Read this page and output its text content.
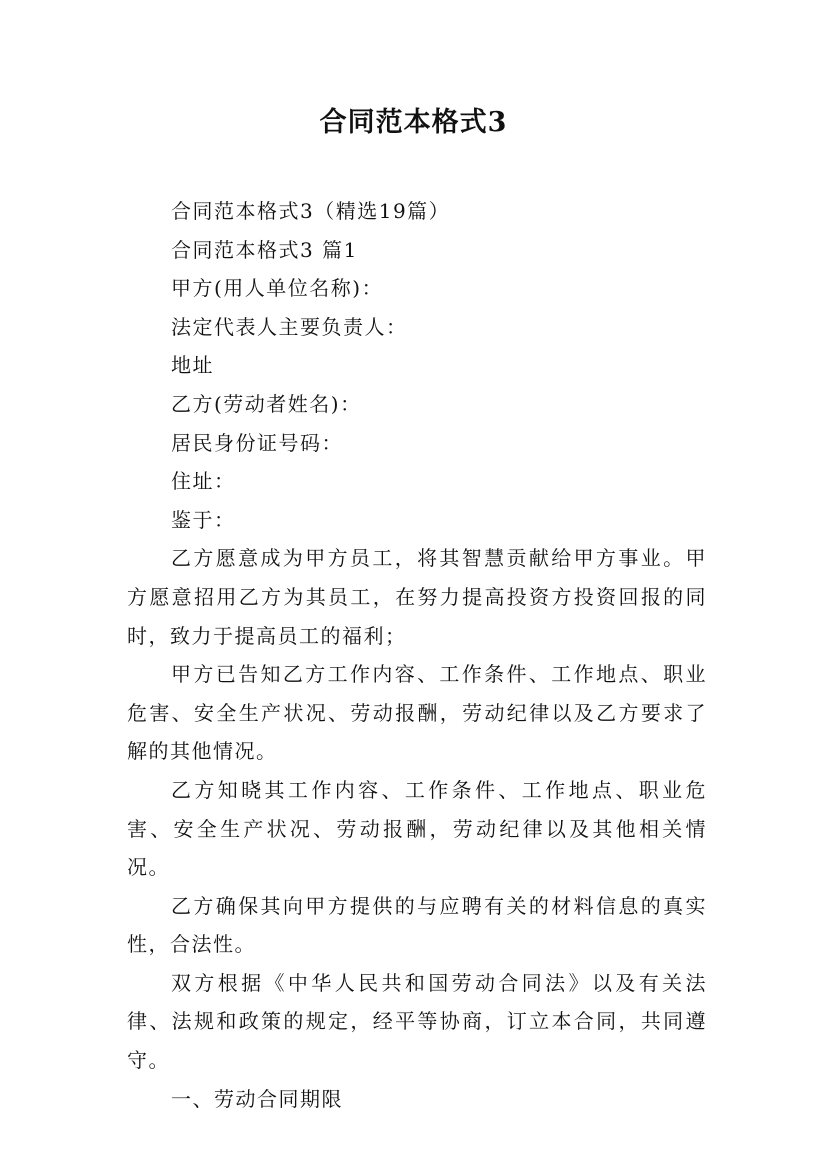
合同范本格式3
合同范本格式3（精选19篇）
合同范本格式3 篇1
甲方(用人单位名称)：
法定代表人主要负责人：
地址
乙方(劳动者姓名)：
居民身份证号码：
住址：
鉴于：

乙方愿意成为甲方员工，将其智慧贡献给甲方事业。甲方愿意招用乙方为其员工，在努力提高投资方投资回报的同时，致力于提高员工的福利；

甲方已告知乙方工作内容、工作条件、工作地点、职业危害、安全生产状况、劳动报酬，劳动纪律以及乙方要求了解的其他情况。

乙方知晓其工作内容、工作条件、工作地点、职业危害、安全生产状况、劳动报酬，劳动纪律以及其他相关情况。

乙方确保其向甲方提供的与应聘有关的材料信息的真实性，合法性。

双方根据《中华人民共和国劳动合同法》以及有关法律、法规和政策的规定，经平等协商，订立本合同，共同遵守。

一、劳动合同期限
